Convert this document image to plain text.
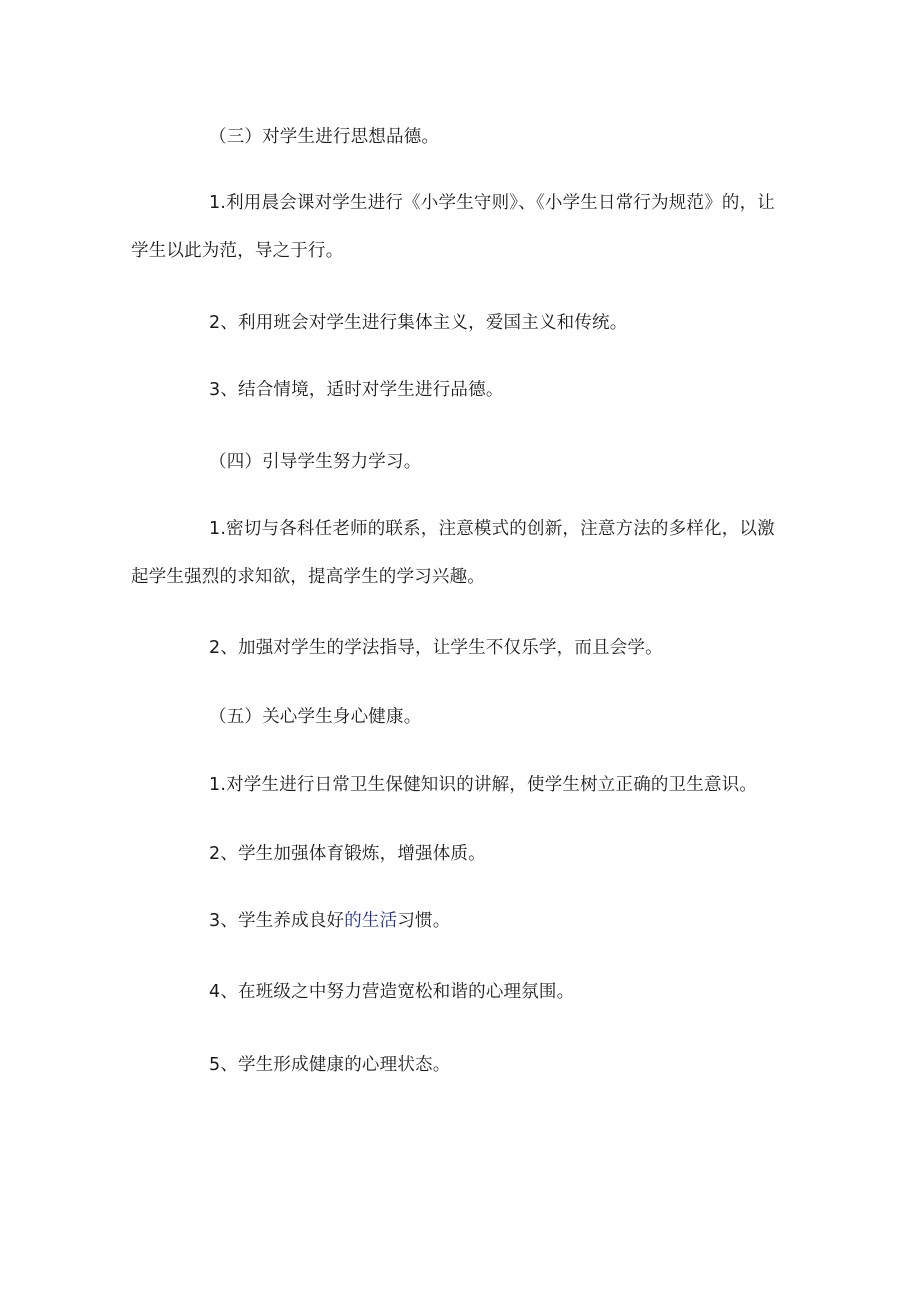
（三）对学生进行思想品德。

1.利用晨会课对学生进行《小学生守则》、《小学生日常行为规范》的，让学生以此为范，导之于行。

2、利用班会对学生进行集体主义，爱国主义和传统。

3、结合情境，适时对学生进行品德。

（四）引导学生努力学习。

1.密切与各科任老师的联系，注意模式的创新，注意方法的多样化，以激起学生强烈的求知欲，提高学生的学习兴趣。

2、加强对学生的学法指导，让学生不仅乐学，而且会学。

（五）关心学生身心健康。

1.对学生进行日常卫生保健知识的讲解，使学生树立正确的卫生意识。

2、学生加强体育锻炼，增强体质。

3、学生养成良好的生活习惯。

4、在班级之中努力营造宽松和谐的心理氛围。

5、学生形成健康的心理状态。
